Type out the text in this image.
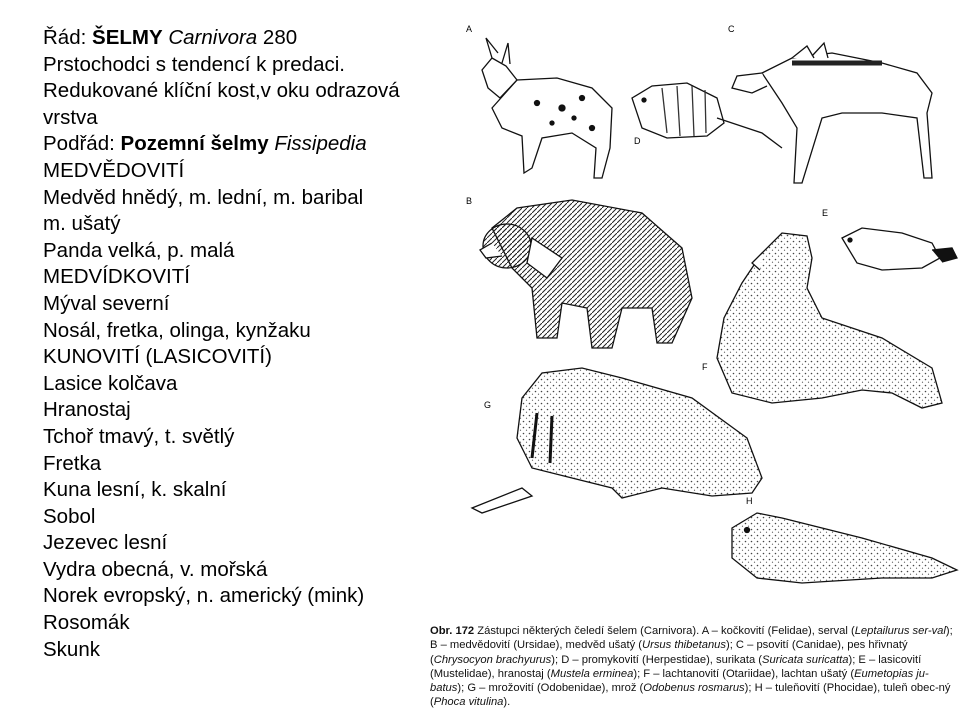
Řád: ŠELMY Carnivora 280
Prstochodci s tendencí k predaci.
Redukované klíční kost,v oku odrazová
vrstva
Podřád: Pozemní šelmy Fissipedia
MEDVĚDOVITÍ
Medvěd hnědý, m. lední, m. baribal
m. ušatý
Panda velká, p. malá
MEDVÍDKOVITÍ
Mýval severní
Nosál, fretka, olinga, kynžaku
KUNOVITÍ (LASICOVITÍ)
Lasice kolčava
Hranostaj
Tchoř tmavý, t. světlý
Fretka
Kuna lesní, k. skalní
Sobol
Jezevec lesní
Vydra obecná, v. mořská
Norek evropský, n. americký (mink)
Rosomák
Skunk
A	C
D
B
E
F
G
H
Obr. 172 Zástupci některých čeledí šelem (Carnivora). A – kočkovití (Felidae), serval (Leptailurus ser-val); B – medvědovití (Ursidae), medvěd ušatý (Ursus thibetanus); C – psovití (Canidae), pes hřivnatý (Chrysocyon brachyurus); D – promykovití (Herpestidae), surikata (Suricata suricatta); E – lasicovití (Mustelidae), hranostaj (Mustela erminea); F – lachtanovití (Otariidae), lachtan ušatý (Eumetopias ju-batus); G – mrožovití (Odobenidae), mrož (Odobenus rosmarus); H – tuleňovití (Phocidae), tuleň obec-ný (Phoca vitulina).
